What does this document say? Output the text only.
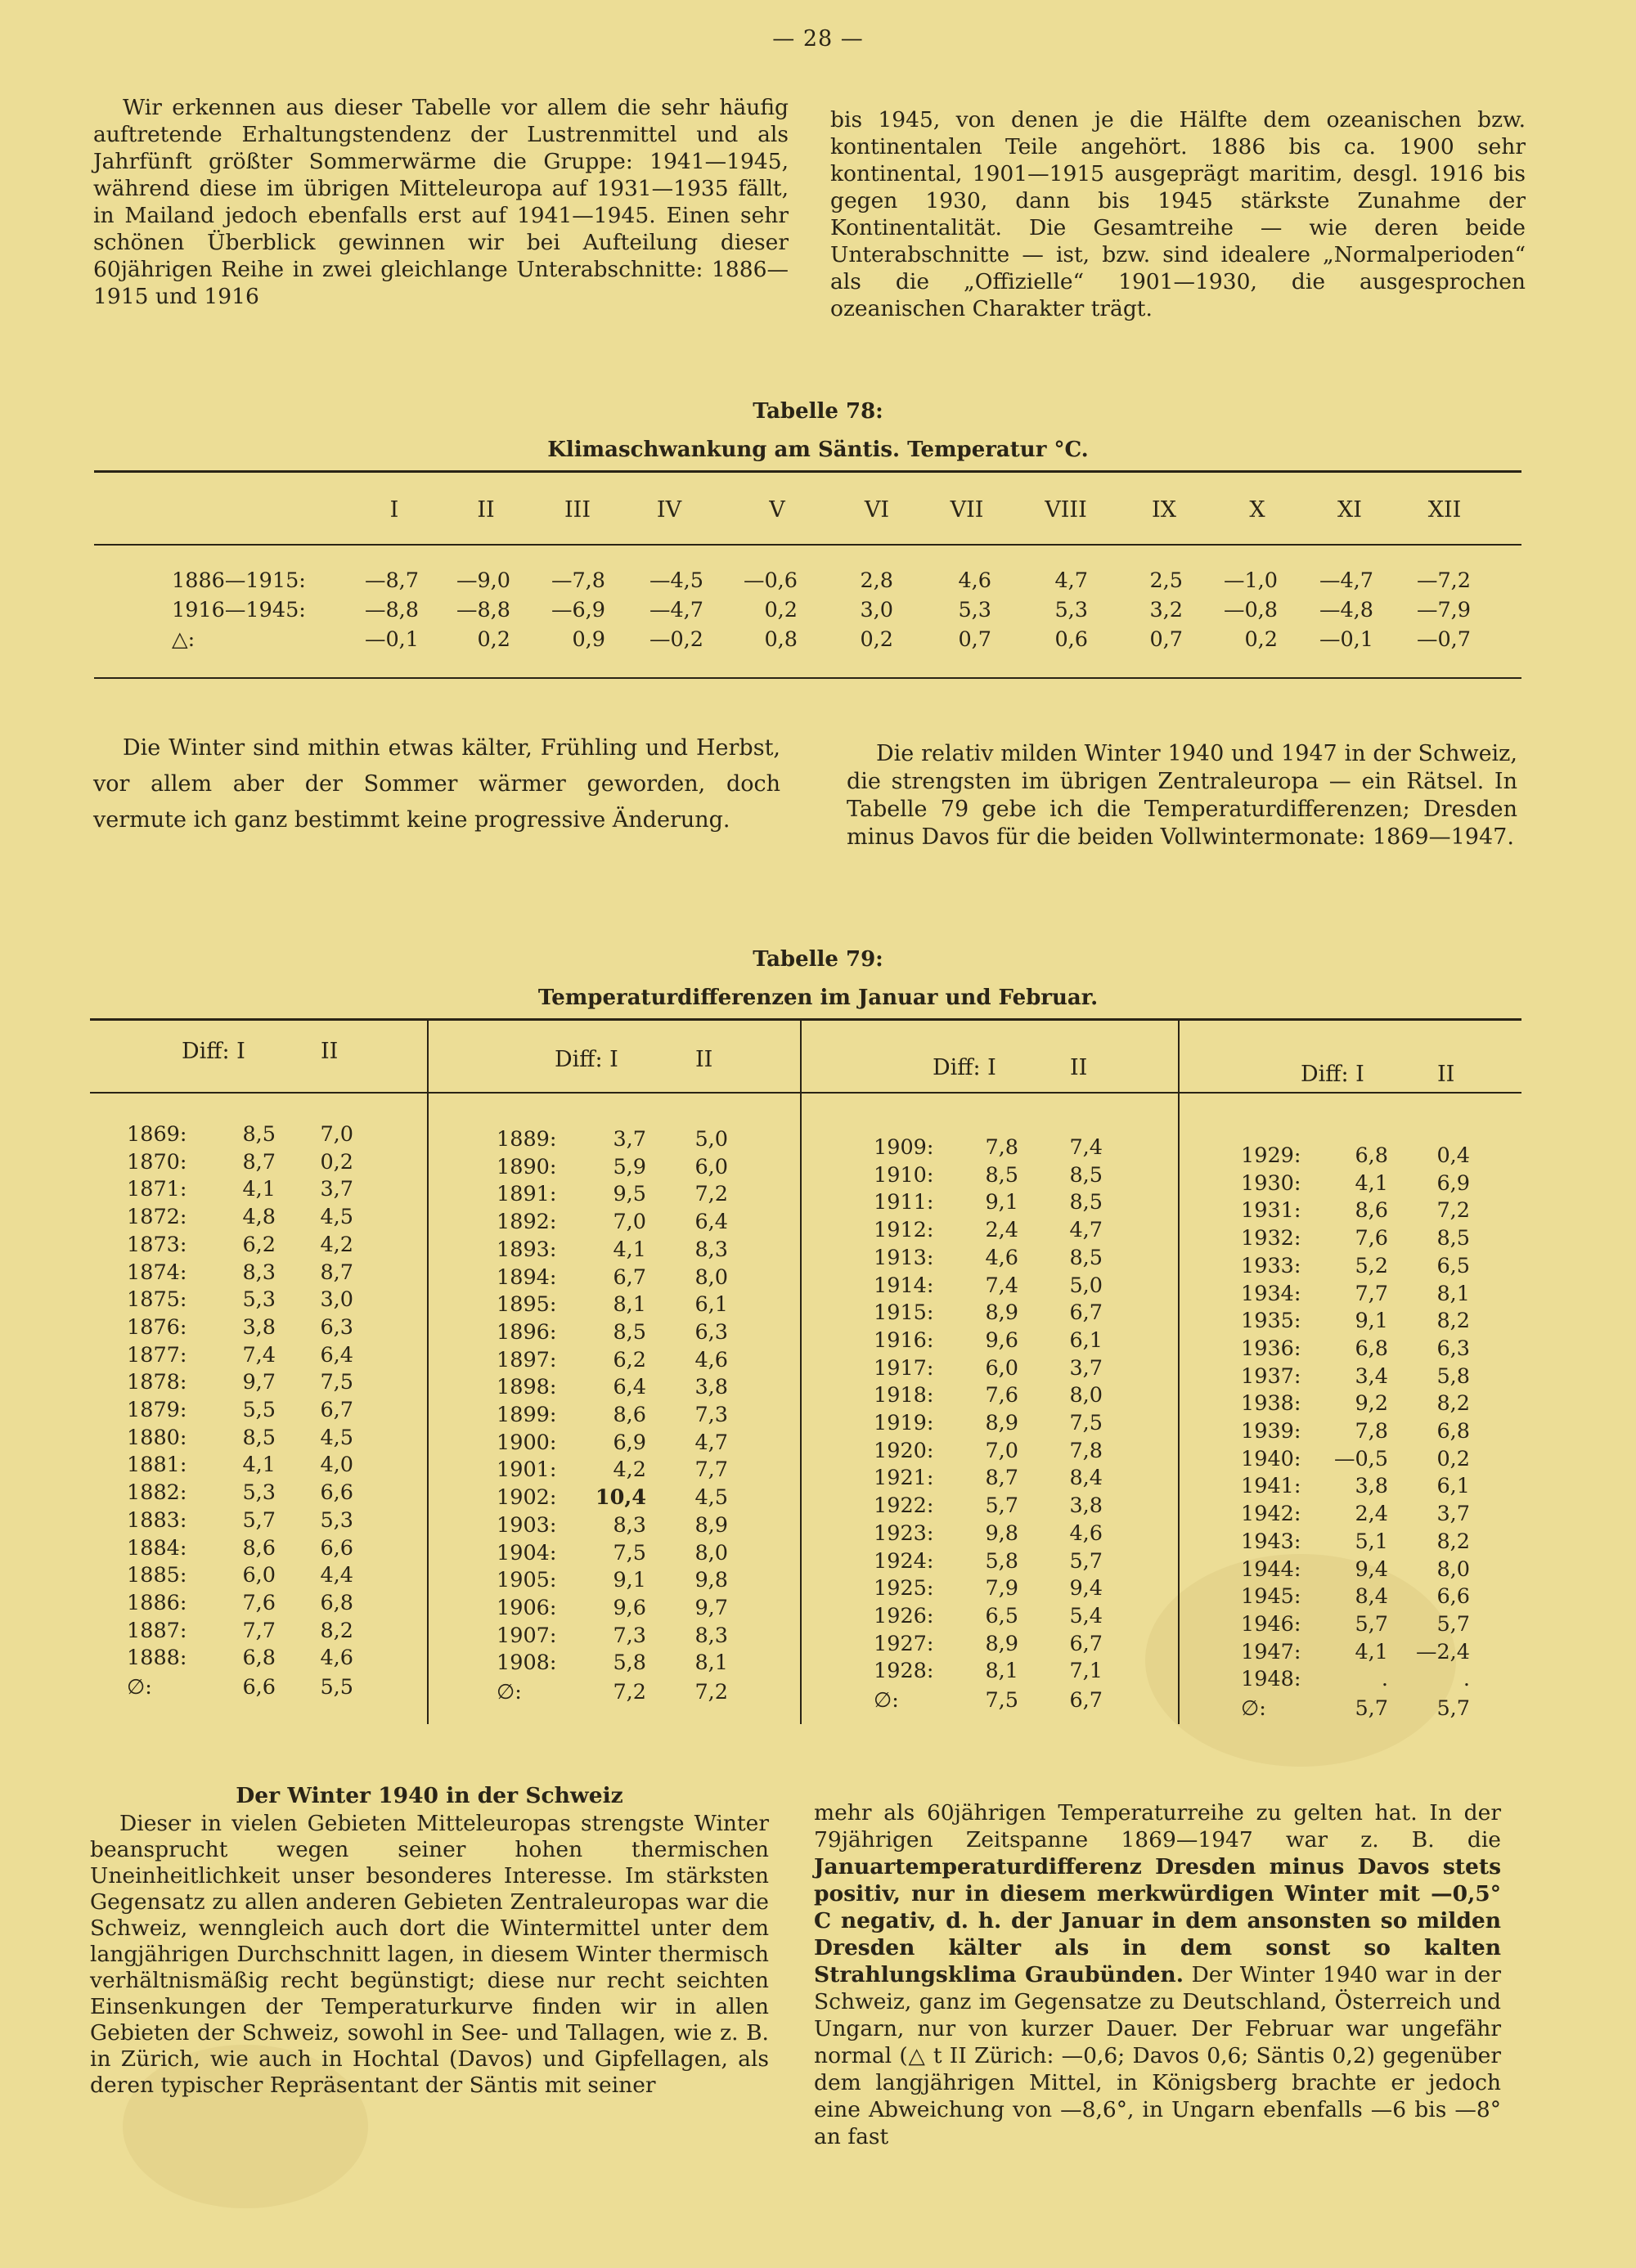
— 28 —

Wir erkennen aus dieser Tabelle vor allem die sehr häufig auftretende Erhaltungstendenz der Lustrenmittel und als Jahrfünft größter Sommerwärme die Gruppe: 1941—1945, während diese im übrigen Mitteleuropa auf 1931—1935 fällt, in Mailand jedoch ebenfalls erst auf 1941—1945. Einen sehr schönen Überblick gewinnen wir bei Aufteilung dieser 60jährigen Reihe in zwei gleichlange Unterabschnitte: 1886—1915 und 1916

bis 1945, von denen je die Hälfte dem ozeanischen bzw. kontinentalen Teile angehört. 1886 bis ca. 1900 sehr kontinental, 1901—1915 ausgeprägt maritim, desgl. 1916 bis gegen 1930, dann bis 1945 stärkste Zunahme der Kontinentalität. Die Gesamtreihe — wie deren beide Unterabschnitte — ist, bzw. sind idealere „Normalperioden“ als die „Offizielle“ 1901—1930, die ausgesprochen ozeanischen Charakter trägt.

Tabelle 78:
Klimaschwankung am Säntis. Temperatur °C.
I	II	III	IV	V	VI	VII	VIII	IX	X	XI	XII
1886—1915:	—8,7	—9,0	—7,8	—4,5	—0,6	2,8	4,6	4,7	2,5	—1,0	—4,7	—7,2
1916—1945:	—8,8	—8,8	—6,9	—4,7	0,2	3,0	5,3	5,3	3,2	—0,8	—4,8	—7,9
△:	—0,1	0,2	0,9	—0,2	0,8	0,2	0,7	0,6	0,7	0,2	—0,1	—0,7

Die Winter sind mithin etwas kälter, Frühling und Herbst, vor allem aber der Sommer wärmer geworden, doch vermute ich ganz bestimmt keine progressive Änderung.

Die relativ milden Winter 1940 und 1947 in der Schweiz, die strengsten im übrigen Zentraleuropa — ein Rätsel. In Tabelle 79 gebe ich die Temperaturdifferenzen; Dresden minus Davos für die beiden Vollwintermonate: 1869—1947.

Tabelle 79:
Temperaturdifferenzen im Januar und Februar.
Diff: I	II
1869:	8,5	7,0
1870:	8,7	0,2
1871:	4,1	3,7
1872:	4,8	4,5
1873:	6,2	4,2
1874:	8,3	8,7
1875:	5,3	3,0
1876:	3,8	6,3
1877:	7,4	6,4
1878:	9,7	7,5
1879:	5,5	6,7
1880:	8,5	4,5
1881:	4,1	4,0
1882:	5,3	6,6
1883:	5,7	5,3
1884:	8,6	6,6
1885:	6,0	4,4
1886:	7,6	6,8
1887:	7,7	8,2
1888:	6,8	4,6
∅:	6,6	5,5
Diff: I	II
1889:	3,7	5,0
1890:	5,9	6,0
1891:	9,5	7,2
1892:	7,0	6,4
1893:	4,1	8,3
1894:	6,7	8,0
1895:	8,1	6,1
1896:	8,5	6,3
1897:	6,2	4,6
1898:	6,4	3,8
1899:	8,6	7,3
1900:	6,9	4,7
1901:	4,2	7,7
1902:	10,4	4,5
1903:	8,3	8,9
1904:	7,5	8,0
1905:	9,1	9,8
1906:	9,6	9,7
1907:	7,3	8,3
1908:	5,8	8,1
∅:	7,2	7,2
Diff: I	II
1909:	7,8	7,4
1910:	8,5	8,5
1911:	9,1	8,5
1912:	2,4	4,7
1913:	4,6	8,5
1914:	7,4	5,0
1915:	8,9	6,7
1916:	9,6	6,1
1917:	6,0	3,7
1918:	7,6	8,0
1919:	8,9	7,5
1920:	7,0	7,8
1921:	8,7	8,4
1922:	5,7	3,8
1923:	9,8	4,6
1924:	5,8	5,7
1925:	7,9	9,4
1926:	6,5	5,4
1927:	8,9	6,7
1928:	8,1	7,1
∅:	7,5	6,7
Diff: I	II
1929:	6,8	0,4
1930:	4,1	6,9
1931:	8,6	7,2
1932:	7,6	8,5
1933:	5,2	6,5
1934:	7,7	8,1
1935:	9,1	8,2
1936:	6,8	6,3
1937:	3,4	5,8
1938:	9,2	8,2
1939:	7,8	6,8
1940:	—0,5	0,2
1941:	3,8	6,1
1942:	2,4	3,7
1943:	5,1	8,2
1944:	9,4	8,0
1945:	8,4	6,6
1946:	5,7	5,7
1947:	4,1	—2,4
1948:	.	.
∅:	5,7	5,7
Der Winter 1940 in der Schweiz

Dieser in vielen Gebieten Mitteleuropas strengste Winter beansprucht wegen seiner hohen thermischen Uneinheitlichkeit unser besonderes Interesse. Im stärksten Gegensatz zu allen anderen Gebieten Zentraleuropas war die Schweiz, wenngleich auch dort die Wintermittel unter dem langjährigen Durchschnitt lagen, in diesem Winter thermisch verhältnismäßig recht begünstigt; diese nur recht seichten Einsenkungen der Temperaturkurve finden wir in allen Gebieten der Schweiz, sowohl in See- und Tallagen, wie z. B. in Zürich, wie auch in Hochtal (Davos) und Gipfellagen, als deren typischer Repräsentant der Säntis mit seiner

mehr als 60jährigen Temperaturreihe zu gelten hat. In der 79jährigen Zeitspanne 1869—1947 war z. B. die Januartemperaturdifferenz Dresden minus Davos stets positiv, nur in diesem merkwürdigen Winter mit —0,5° C negativ, d. h. der Januar in dem ansonsten so milden Dresden kälter als in dem sonst so kalten Strahlungsklima Graubünden. Der Winter 1940 war in der Schweiz, ganz im Gegensatze zu Deutschland, Österreich und Ungarn, nur von kurzer Dauer. Der Februar war ungefähr normal (△ t II Zürich: —0,6; Davos 0,6; Säntis 0,2) gegenüber dem langjährigen Mittel, in Königsberg brachte er jedoch eine Abweichung von —8,6°, in Ungarn ebenfalls —6 bis —8° an fast
